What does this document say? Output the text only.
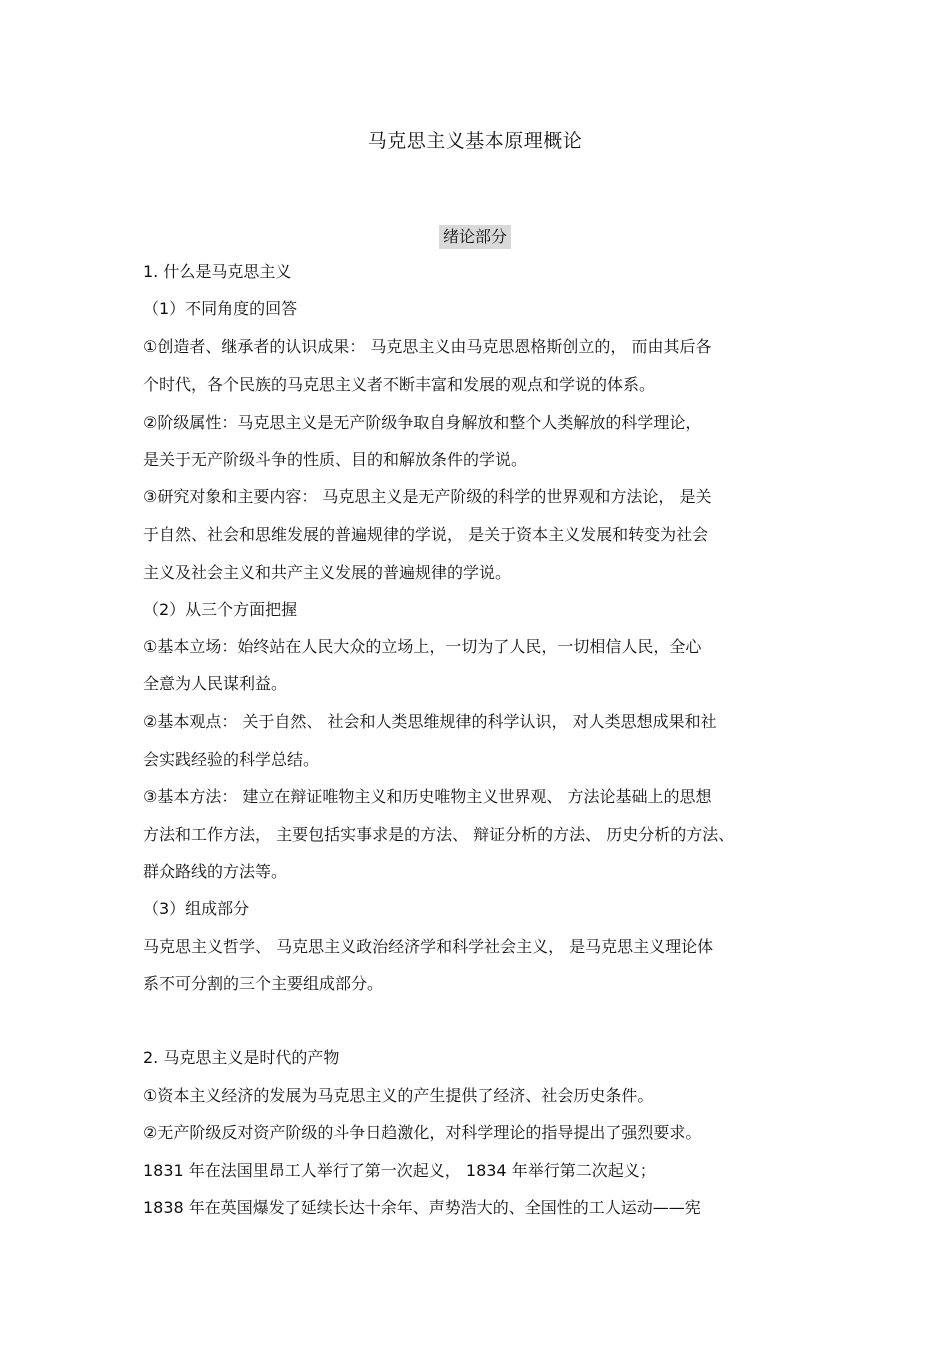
马克思主义基本原理概论
绪论部分
1. 什么是马克思主义
（1）不同角度的回答
①创造者、继承者的认识成果： 马克思主义由马克思恩格斯创立的， 而由其后各
个时代，各个民族的马克思主义者不断丰富和发展的观点和学说的体系。
②阶级属性：马克思主义是无产阶级争取自身解放和整个人类解放的科学理论，
是关于无产阶级斗争的性质、目的和解放条件的学说。
③研究对象和主要内容： 马克思主义是无产阶级的科学的世界观和方法论， 是关
于自然、社会和思维发展的普遍规律的学说， 是关于资本主义发展和转变为社会
主义及社会主义和共产主义发展的普遍规律的学说。
（2）从三个方面把握
①基本立场：始终站在人民大众的立场上，一切为了人民，一切相信人民，全心
全意为人民谋利益。
②基本观点： 关于自然、 社会和人类思维规律的科学认识， 对人类思想成果和社
会实践经验的科学总结。
③基本方法： 建立在辩证唯物主义和历史唯物主义世界观、 方法论基础上的思想
方法和工作方法， 主要包括实事求是的方法、 辩证分析的方法、 历史分析的方法、
群众路线的方法等。
（3）组成部分
马克思主义哲学、 马克思主义政治经济学和科学社会主义， 是马克思主义理论体
系不可分割的三个主要组成部分。
2. 马克思主义是时代的产物
①资本主义经济的发展为马克思主义的产生提供了经济、社会历史条件。
②无产阶级反对资产阶级的斗争日趋激化，对科学理论的指导提出了强烈要求。
1831 年在法国里昂工人举行了第一次起义， 1834 年举行第二次起义；
1838 年在英国爆发了延续长达十余年、声势浩大的、全国性的工人运动——宪
